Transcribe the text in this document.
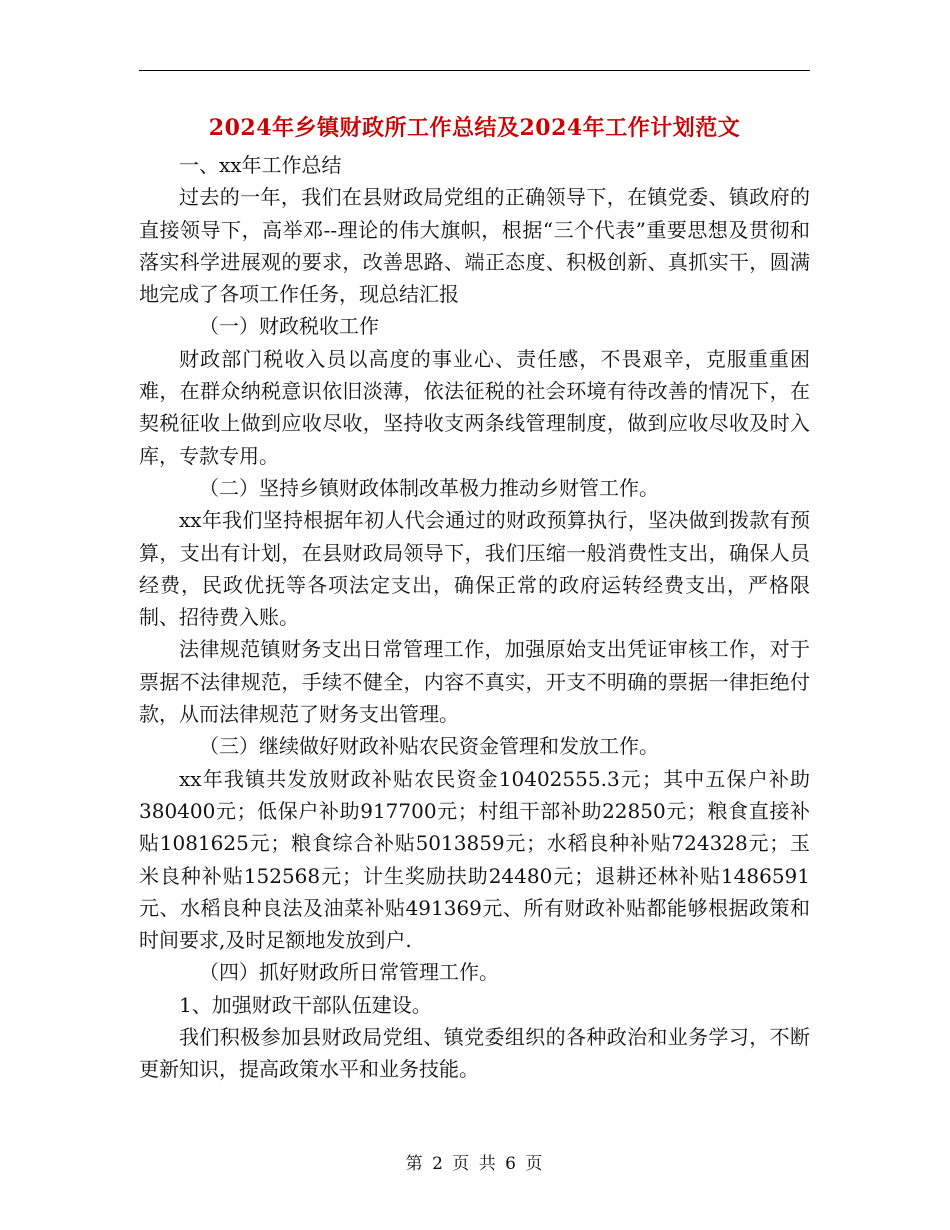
2024年乡镇财政所工作总结及2024年工作计划范文

一、xx年工作总结

过去的一年，我们在县财政局党组的正确领导下，在镇党委、镇政府的直接领导下，高举邓--理论的伟大旗帜，根据“三个代表”重要思想及贯彻和落实科学进展观的要求，改善思路、端正态度、积极创新、真抓实干，圆满地完成了各项工作任务，现总结汇报

（一）财政税收工作

财政部门税收入员以高度的事业心、责任感，不畏艰辛，克服重重困难，在群众纳税意识依旧淡薄，依法征税的社会环境有待改善的情况下，在契税征收上做到应收尽收，坚持收支两条线管理制度，做到应收尽收及时入库，专款专用。

（二）坚持乡镇财政体制改革极力推动乡财管工作。

xx年我们坚持根据年初人代会通过的财政预算执行，坚决做到拨款有预算，支出有计划，在县财政局领导下，我们压缩一般消费性支出，确保人员经费，民政优抚等各项法定支出，确保正常的政府运转经费支出，严格限制、招待费入账。

法律规范镇财务支出日常管理工作，加强原始支出凭证审核工作，对于票据不法律规范，手续不健全，内容不真实，开支不明确的票据一律拒绝付款，从而法律规范了财务支出管理。

（三）继续做好财政补贴农民资金管理和发放工作。

xx年我镇共发放财政补贴农民资金10402555.3元；其中五保户补助380400元；低保户补助917700元；村组干部补助22850元；粮食直接补贴1081625元；粮食综合补贴5013859元；水稻良种补贴724328元；玉米良种补贴152568元；计生奖励扶助24480元；退耕还林补贴1486591元、水稻良种良法及油菜补贴491369元、所有财政补贴都能够根据政策和时间要求,及时足额地发放到户.

（四）抓好财政所日常管理工作。

1、加强财政干部队伍建设。

我们积极参加县财政局党组、镇党委组织的各种政治和业务学习，不断更新知识，提高政策水平和业务技能。

第 2 页 共 6 页
